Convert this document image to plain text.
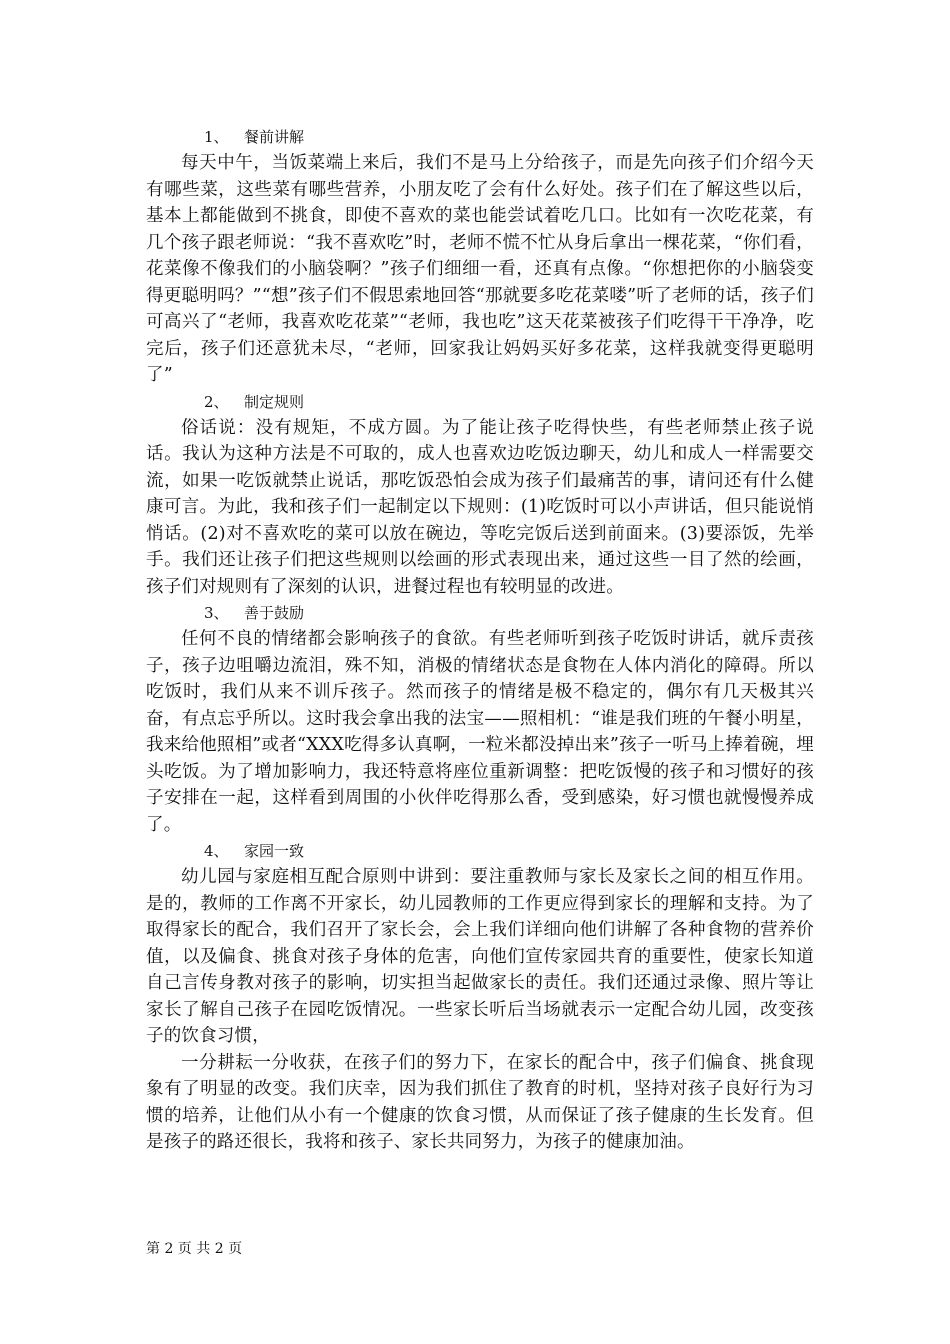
1、 餐前讲解

每天中午，当饭菜端上来后，我们不是马上分给孩子，而是先向孩子们介绍今天有哪些菜，这些菜有哪些营养，小朋友吃了会有什么好处。孩子们在了解这些以后，基本上都能做到不挑食，即使不喜欢的菜也能尝试着吃几口。比如有一次吃花菜，有几个孩子跟老师说：“我不喜欢吃”时，老师不慌不忙从身后拿出一棵花菜，“你们看，花菜像不像我们的小脑袋啊？”孩子们细细一看，还真有点像。“你想把你的小脑袋变得更聪明吗？”“想”孩子们不假思索地回答“那就要多吃花菜喽”听了老师的话，孩子们可高兴了“老师，我喜欢吃花菜”“老师，我也吃”这天花菜被孩子们吃得干干净净，吃完后，孩子们还意犹未尽，“老师，回家我让妈妈买好多花菜，这样我就变得更聪明了”

2、 制定规则

俗话说：没有规矩，不成方圆。为了能让孩子吃得快些，有些老师禁止孩子说话。我认为这种方法是不可取的，成人也喜欢边吃饭边聊天，幼儿和成人一样需要交流，如果一吃饭就禁止说话，那吃饭恐怕会成为孩子们最痛苦的事，请问还有什么健康可言。为此，我和孩子们一起制定以下规则：(1)吃饭时可以小声讲话，但只能说悄悄话。(2)对不喜欢吃的菜可以放在碗边，等吃完饭后送到前面来。(3)要添饭，先举手。我们还让孩子们把这些规则以绘画的形式表现出来，通过这些一目了然的绘画，孩子们对规则有了深刻的认识，进餐过程也有较明显的改进。

3、 善于鼓励

任何不良的情绪都会影响孩子的食欲。有些老师听到孩子吃饭时讲话，就斥责孩子，孩子边咀嚼边流泪，殊不知，消极的情绪状态是食物在人体内消化的障碍。所以吃饭时，我们从来不训斥孩子。然而孩子的情绪是极不稳定的，偶尔有几天极其兴奋，有点忘乎所以。这时我会拿出我的法宝——照相机：“谁是我们班的午餐小明星，我来给他照相”或者“XXX吃得多认真啊，一粒米都没掉出来”孩子一听马上捧着碗，埋头吃饭。为了增加影响力，我还特意将座位重新调整：把吃饭慢的孩子和习惯好的孩子安排在一起，这样看到周围的小伙伴吃得那么香，受到感染，好习惯也就慢慢养成了。

4、 家园一致

幼儿园与家庭相互配合原则中讲到：要注重教师与家长及家长之间的相互作用。是的，教师的工作离不开家长，幼儿园教师的工作更应得到家长的理解和支持。为了取得家长的配合，我们召开了家长会，会上我们详细向他们讲解了各种食物的营养价值，以及偏食、挑食对孩子身体的危害，向他们宣传家园共育的重要性，使家长知道自己言传身教对孩子的影响，切实担当起做家长的责任。我们还通过录像、照片等让家长了解自己孩子在园吃饭情况。一些家长听后当场就表示一定配合幼儿园，改变孩子的饮食习惯，

一分耕耘一分收获，在孩子们的努力下，在家长的配合中，孩子们偏食、挑食现象有了明显的改变。我们庆幸，因为我们抓住了教育的时机，坚持对孩子良好行为习惯的培养，让他们从小有一个健康的饮食习惯，从而保证了孩子健康的生长发育。但是孩子的路还很长，我将和孩子、家长共同努力，为孩子的健康加油。

第 2 页 共 2 页
